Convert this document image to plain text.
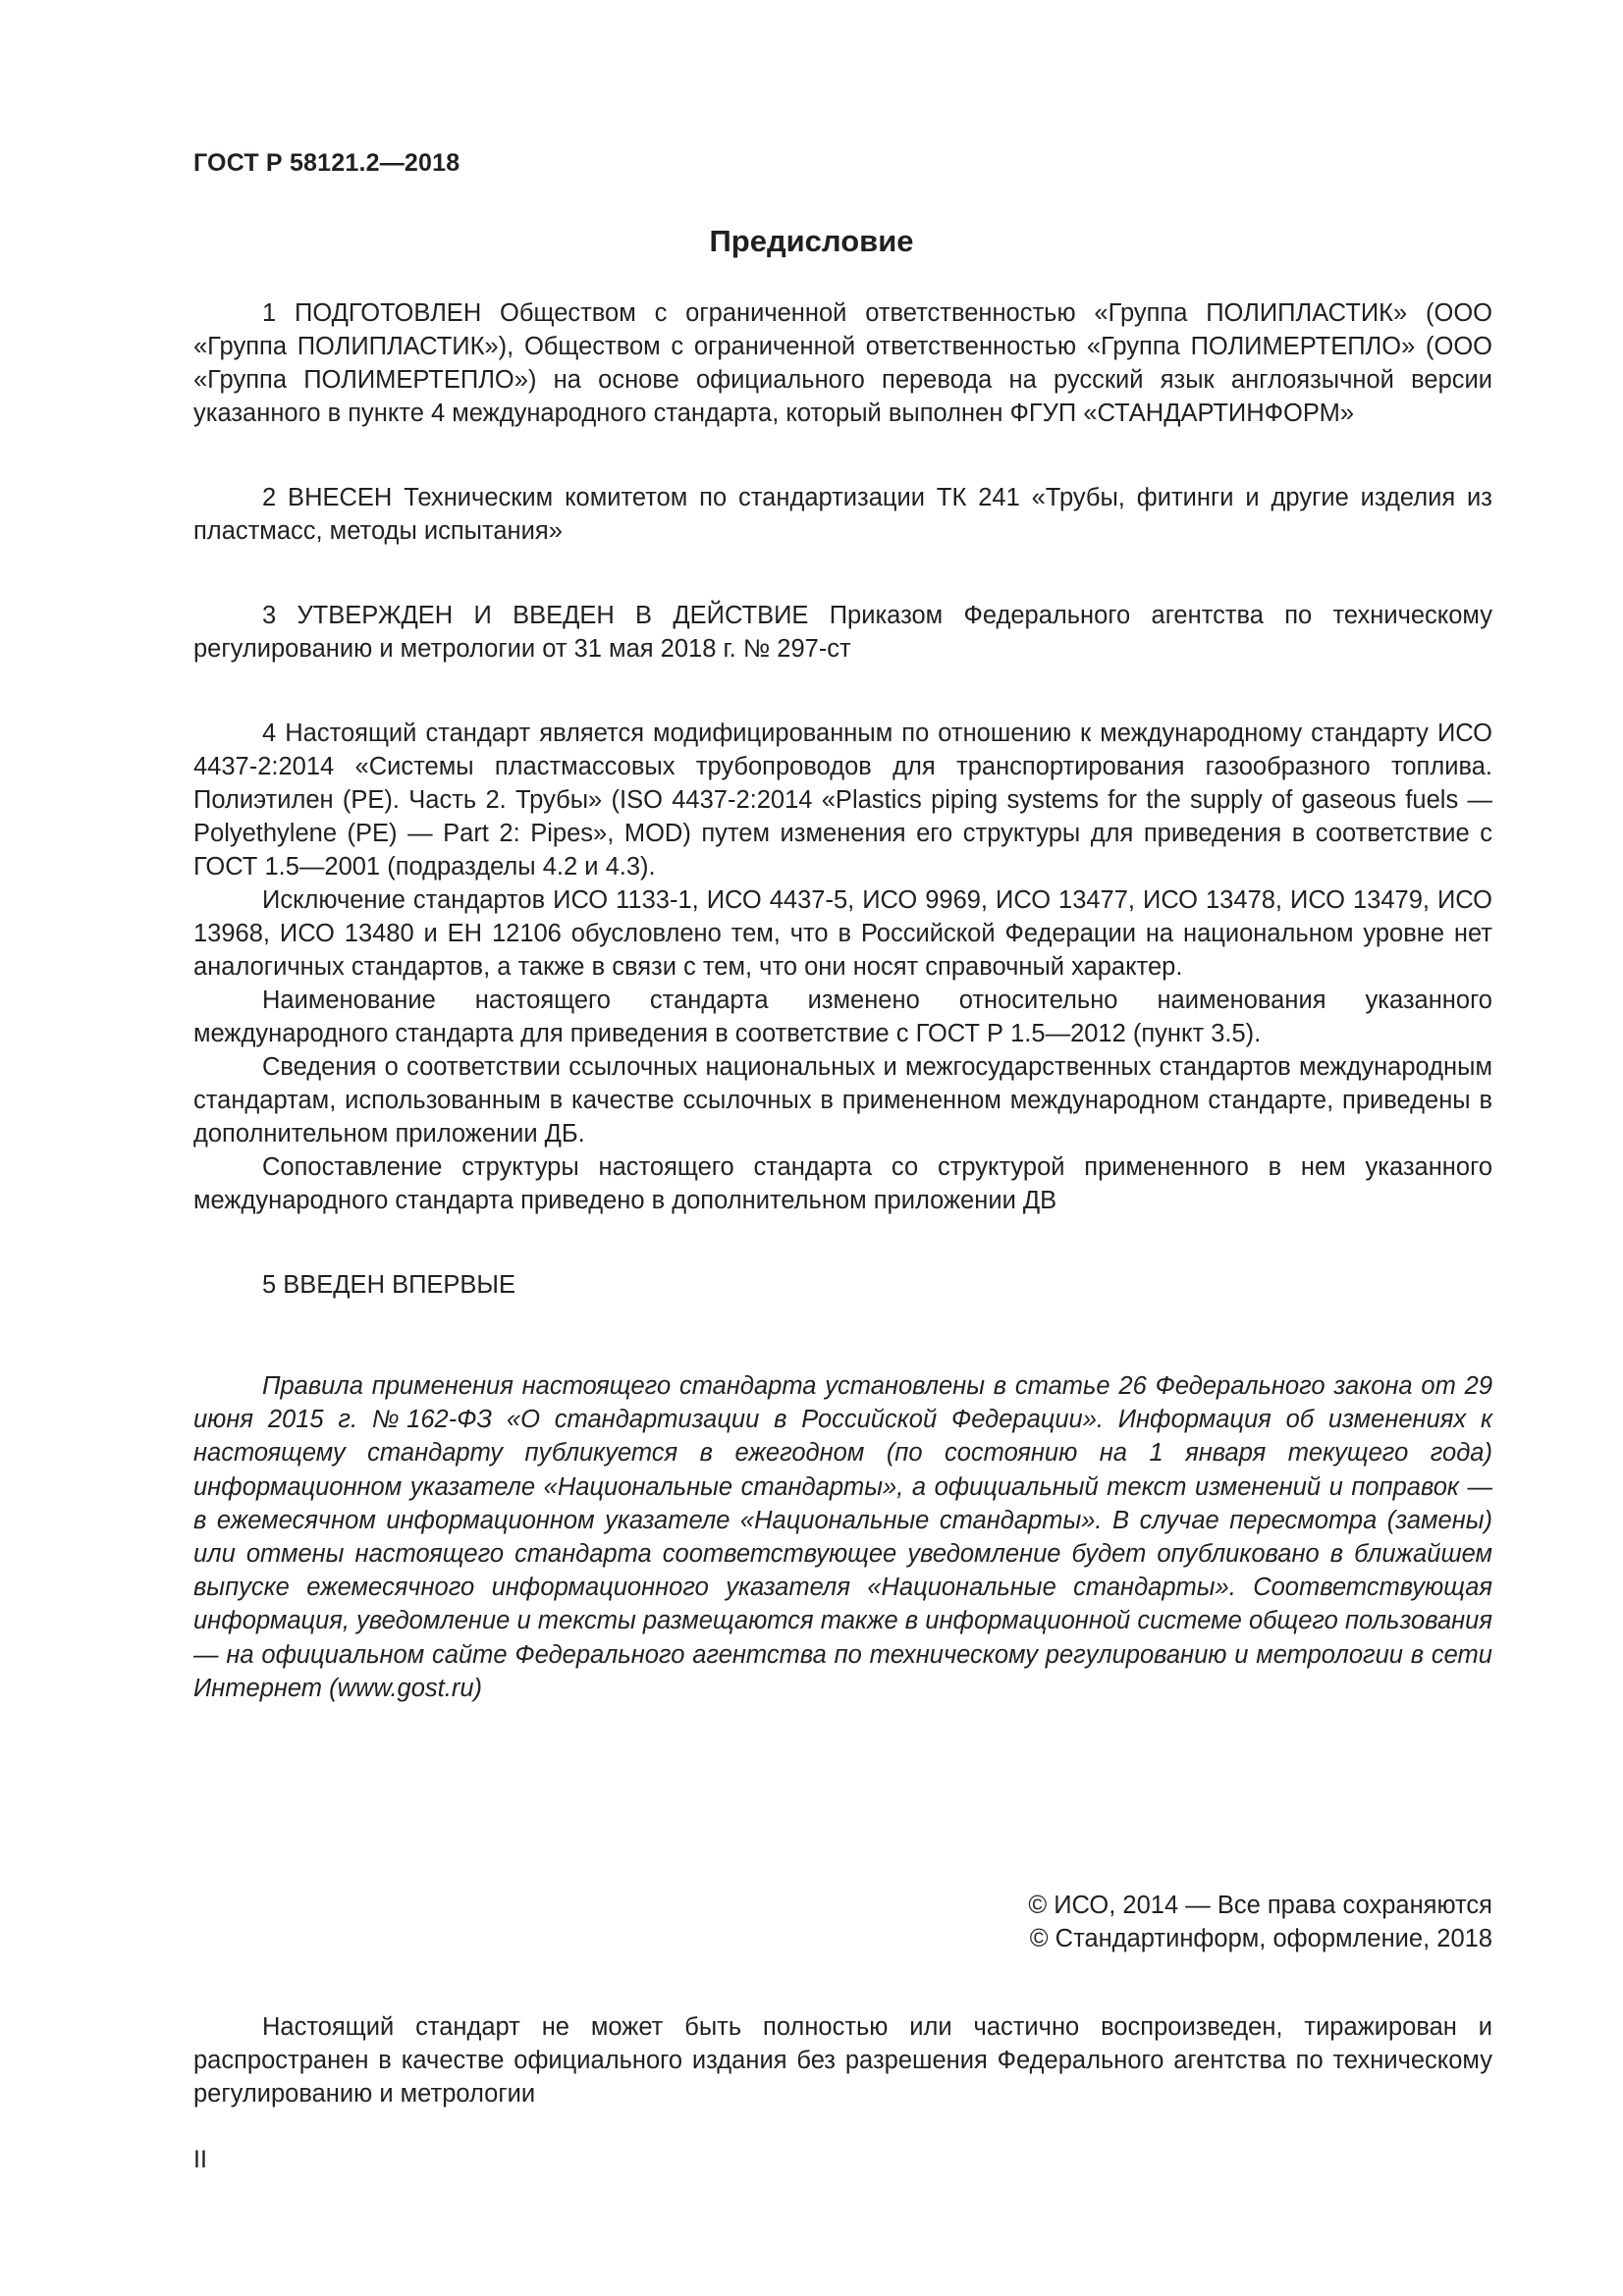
ГОСТ Р 58121.2—2018
Предисловие

1 ПОДГОТОВЛЕН Обществом с ограниченной ответственностью «Группа ПОЛИПЛАСТИК» (ООО «Группа ПОЛИПЛАСТИК»), Обществом с ограниченной ответственностью «Группа ПОЛИМЕРТЕПЛО» (ООО «Группа ПОЛИМЕРТЕПЛО») на основе официального перевода на русский язык англоязычной версии указанного в пункте 4 международного стандарта, который выполнен ФГУП «СТАНДАРТИНФОРМ»

2 ВНЕСЕН Техническим комитетом по стандартизации ТК 241 «Трубы, фитинги и другие изделия из пластмасс, методы испытания»

3 УТВЕРЖДЕН И ВВЕДЕН В ДЕЙСТВИЕ Приказом Федерального агентства по техническому регулированию и метрологии от 31 мая 2018 г. № 297-ст

4 Настоящий стандарт является модифицированным по отношению к международному стандарту ИСО 4437-2:2014 «Системы пластмассовых трубопроводов для транспортирования газообразного топлива. Полиэтилен (PE). Часть 2. Трубы» (ISO 4437-2:2014 «Plastics piping systems for the supply of gaseous fuels — Polyethylene (PE) — Part 2: Pipes», MOD) путем изменения его структуры для приведения в соответствие с ГОСТ 1.5—2001 (подразделы 4.2 и 4.3).

Исключение стандартов ИСО 1133-1, ИСО 4437-5, ИСО 9969, ИСО 13477, ИСО 13478, ИСО 13479, ИСО 13968, ИСО 13480 и ЕН 12106 обусловлено тем, что в Российской Федерации на национальном уровне нет аналогичных стандартов, а также в связи с тем, что они носят справочный характер.

Наименование настоящего стандарта изменено относительно наименования указанного международного стандарта для приведения в соответствие с ГОСТ Р 1.5—2012 (пункт 3.5).

Сведения о соответствии ссылочных национальных и межгосударственных стандартов международным стандартам, использованным в качестве ссылочных в примененном международном стандарте, приведены в дополнительном приложении ДБ.

Сопоставление структуры настоящего стандарта со структурой примененного в нем указанного международного стандарта приведено в дополнительном приложении ДВ

5 ВВЕДЕН ВПЕРВЫЕ

Правила применения настоящего стандарта установлены в статье 26 Федерального закона от 29 июня 2015 г. №162-ФЗ «О стандартизации в Российской Федерации». Информация об изменениях к настоящему стандарту публикуется в ежегодном (по состоянию на 1 января текущего года) информационном указателе «Национальные стандарты», а официальный текст изменений и поправок — в ежемесячном информационном указателе «Национальные стандарты». В случае пересмотра (замены) или отмены настоящего стандарта соответствующее уведомление будет опубликовано в ближайшем выпуске ежемесячного информационного указателя «Национальные стандарты». Соответствующая информация, уведомление и тексты размещаются также в информационной системе общего пользования — на официальном сайте Федерального агентства по техническому регулированию и метрологии в сети Интернет (www.gost.ru)

© ИСО, 2014 — Все права сохраняются
© Стандартинформ, оформление, 2018

Настоящий стандарт не может быть полностью или частично воспроизведен, тиражирован и распространен в качестве официального издания без разрешения Федерального агентства по техническому регулированию и метрологии

II
